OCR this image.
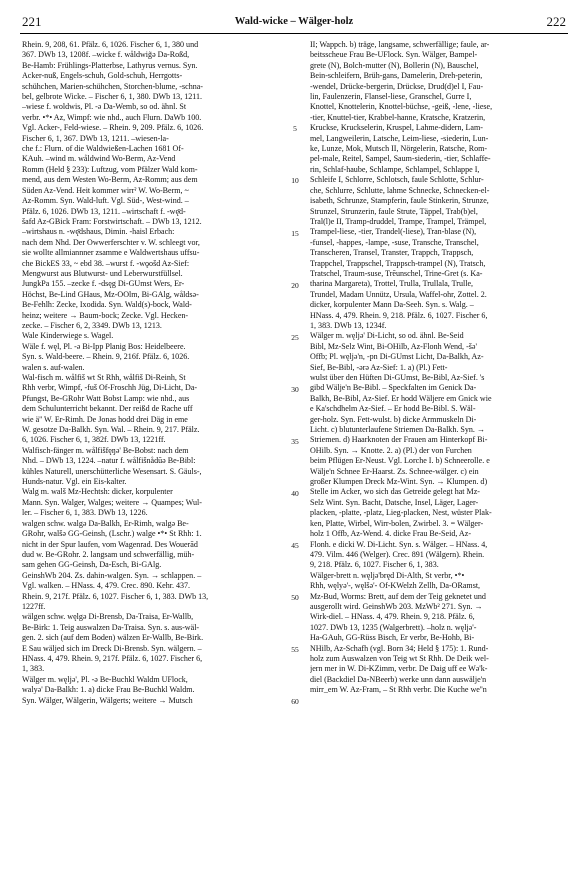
221	Wald-wicke – Wälger-holz	222
Rhein. 9, 208, 61. Pfälz. 6, 1026. Fischer 6, 1, 380 und
367. DWb 13, 1208f. –wicke f. wåldwig̃ə Da-Roßd,
Be-Hamb: Frühlings-Platterbse, Lathyrus vernus. Syn.
Acker-nuß, Engels-schuh, Gold-schuh, Herrgotts-
schühchen, Marien-schühchen, Storchen-blume, -schna-
bel, gelbrote Wicke. – Fischer 6, 1, 380. DWb 13, 1211.
–wiese f. woldwis, Pl. -ə Da-Wemb, so od. ähnl. St
verbr. •*• Az, Wimpf: wie nhd., auch Flurn. DaWb 100.
Vgl. Acker-, Feld-wiese. – Rhein. 9, 209. Pfälz. 6, 1026.
Fischer 6, 1, 367. DWb 13, 1211. –wiesen-la-
che f.: Flurn. of die Waldwießen-Lachen 1681 Of-
KAuh. –wind m. wåldwind Wo-Berm, Az-Vend
Romm (Held § 233): Luftzug, vom Pfälzer Wald kom-
mend, aus dem Westen Wo-Berm, Az-Romm; aus dem
Süden Az-Vend. Heit kommer wirrˀ W. Wo-Berm, ~
Az-Romm. Syn. Wald-luft. Vgl. Süd-, West-wind. –
Pfälz. 6, 1026. DWb 13, 1211. –wirtschaft f. -wę̄d-
šafd Az-GBick Fram: Forstwirtschaft. – DWb 13, 1212.
–wirtshaus n. -wę̄dshaus, Dimin. -haisl Erbach:
nach dem Nhd. Der Owwerferschter v. W. schleegt vor,
sie wollte allmiannner zsamme e Waldwertshaus uffsu-
che BickES 33, ~ ebd 38. –wurst f. -wǫošd Az-Sief:
Mengwurst aus Blutwurst- und Leberwurstfüllsel.
JungkPa 155. –zecke f. -dsęg Di-GUmst Wers, Er-
Höchst, Be-Lind GHaus, Mz-OOlm, Bi-GAlg, wåldsə-
Be-Fehlh: Zecke, Ixodida. Syn. Wald(s)-bock, Wald-
heinz; weitere → Baum-bock; Zecke. Vgl. Hecken-
zecke. – Fischer 6, 2, 3349. DWb 13, 1213.
Wale Kinderwiege s. Wagel.
Wäle f. węl, Pl. -ə Bi-Ipp Planig Bos: Heidelbeere.
Syn. s. Wald-beere. – Rhein. 9, 216f. Pfälz. 6, 1026.
walen s. auf-walen.
Wal-fisch m. wålfiš wt St Rhh, wålfiš Di-Reinh, St
Rhh verbr, Wimpf, -fuš Of-Froschh Jüg, Di-Licht, Da-
Pfungst, Be-GRohr Watt Bobst Lamp: wie nhd., aus
dem Schulunterricht bekannt. Der reißd de Rache uff
wie ä'' W. Er-Rimh. De Jonas hodd drei Däg in eme
W. gesotze Da-Balkh. Syn. Wal. – Rhein. 9, 217. Pfälz.
6, 1026. Fischer 6, 1, 382f. DWb 13, 1221ff.
Walfisch-fänger m. wålfišfęŋə' Be-Bobst: nach dem
Nhd. – DWb 13, 1224. –natur f. wålfišnådūə Be-Bibl:
kühles Naturell, unerschütterliche Wesensart. S. Gäuls-,
Hunds-natur. Vgl. ein Eis-kalter.
Walg m. walš Mz-Hechtsh: dicker, korpulenter
Mann. Syn. Walger, Walges; weitere → Quampes; Wul-
ler. – Fischer 6, 1, 383. DWb 13, 1226.
walgen schw. walgə Da-Balkh, Er-Rimh, walgə Be-
GRohr, walšə GG-Geinsh, (Lschr.) walge •*• St Rhh: 1.
nicht in der Spur laufen, vom Wagenrad. Des Wouerād
dud w. Be-GRohr. 2. langsam und schwerfällig, müh-
sam gehen GG-Geinsh, Da-Esch, Bi-GAlg.
GeinshWb 204. Zs. dahin-walgen. Syn. → schlappen. –
Vgl. walken. – HNass. 4, 479. Crec. 890. Kehr. 437.
Rhein. 9, 217f. Pfälz. 6, 1027. Fischer 6, 1, 383. DWb 13,
1227ff.
wälgen schw. węlgə Di-Brensb, Da-Traisa, Er-Wallb,
Be-Birk: 1. Teig auswalzen Da-Traisa. Syn. s. aus-wäl-
gen. 2. sich (auf dem Boden) wälzen Er-Wallb, Be-Birk.
E Sau wäljed sich im Dreck Di-Brensb. Syn. wälgern. –
HNass. 4, 479. Rhein. 9, 217f. Pfälz. 6, 1027. Fischer 6,
1, 383.
Wälger m. węljə', Pl. -ə Be-Buchkl Waldm UFlock,
walyə' Da-Balkh: 1. a) dicke Frau Be-Buchkl Waldm.
Syn. Wälger, Wälgerin, Wälgerts; weitere → Mutsch
5
10
15
20
25
30
35
40
45
50
55
60
II; Wappch. b) träge, langsame, schwerfällige; faule, ar-
beitsscheue Frau Be-UFlock. Syn. Wälger, Bampel-
grete (N), Bolch-mutter (N), Bollerin (N), Bauschel,
Bein-schleifern, Brüh-gans, Damelerin, Dreh-peterin,
-wendel, Drücke-bergerin, Drückse, Drud(d)el I, Fau-
lin, Faulenzerin, Flansel-liese, Granschel, Gurre I,
Knottel, Knottelerin, Knottel-büchse, -geiß, -lene, -liese,
-tier, Knuttel-tier, Krabbel-hanne, Kratsche, Kratzerin,
Kruckse, Kruckselerin, Kruspel, Lahme-didern, Lam-
mel, Langweilerin, Latsche, Leim-liese, -siederin, Lun-
ke, Lunze, Mok, Mutsch II, Nörgelerin, Ratsche, Rom-
pel-male, Reitel, Sampel, Saum-siederin, -tier, Schlaffe-
rin, Schlaf-haube, Schlampe, Schlampel, Schlappe I,
Schleife I, Schlorre, Schlotsch, faule Schlotte, Schlur-
che, Schlurre, Schlutte, lahme Schnecke, Schnecken-el-
isabeth, Schrunze, Stampferin, faule Stinkerin, Strunze,
Strunzel, Strunzerin, faule Strute, Täppel, Trab(b)el,
Tral(l)e II, Tramp-druddel, Trampe, Trampel, Trämpel,
Trampel-liese, -tier, Trandel(-liese), Tran-blase (N),
-funsel, -happes, -lampe, -suse, Transche, Transchel,
Transcheren, Transel, Transter, Trappch, Trappsch,
Trappchel, Trappschel, Trappsch-trampel (N), Tratsch,
Tratschel, Traum-suse, Trēunschel, Trine-Gret (s. Ka-
tharina Margareta), Trottel, Trulla, Trullala, Trulle,
Trundel, Madam Unnütz, Ursula, Waffel-ohr, Zottel. 2.
dicker, korpulenter Mann Da-Seeh. Syn. s. Walg. –
HNass. 4, 479. Rhein. 9, 218. Pfälz. 6, 1027. Fischer 6,
1, 383. DWb 13, 1234f.
Wälger m. węljə' Di-Licht, so od. ähnl. Be-Seid
Bibl, Mz-Selz Wint, Bi-OHilb, Az-Flonh Wend, -šə'
Offb; Pl. węljə'n, -pn Di-GUmst Licht, Da-Balkh, Az-
Sief, Be-Bibl, -ərə Az-Sief: 1. a) (Pl.) Fett-
wulst über den Hüften Di-GUmst, Be-Bibl, Az-Sief. 's
gibd Wälje'n Be-Bibl. – Speckfalten im Genick Da-
Balkh, Be-Bibl, Az-Sief. Er hodd Wäljere em Gnick wie
e Ka'schdhelm Az-Sief. – Er hodd Be-Bibl. S. Wäl-
ger-holz. Syn. Fett-wulst. b) dicke Armmuskeln Di-
Licht. c) blutunterlaufene Striemen Da-Balkh. Syn. →
Striemen. d) Haarknoten der Frauen am Hinterkopf Bi-
OHilb. Syn. → Knotte. 2. a) (Pl.) der von Furchen
beim Pflügen Er-Neust. Vgl. Lorche I. b) Schneerolle. e
Wälje'n Schnee Er-Haarst. Zs. Schnee-wälger. c) ein
großer Klumpen Dreck Mz-Wint. Syn. → Klumpen. d)
Stelle im Acker, wo sich das Getreide gelegt hat Mz-
Selz Wint. Syn. Bacht, Datsche, Insel, Läger, Lager-
placken, -platte, -platz, Lieg-placken, Nest, wüster Plak-
ken, Platte, Wirbel, Wirr-bolen, Zwirbel. 3. = Wälger-
holz 1 Offb, Az-Wend. 4. dicke Frau Be-Seid, Az-
Flonh. e dicki W. Di-Licht. Syn. s. Wälger. – HNass. 4,
479. Vilm. 446 (Welger). Crec. 891 (Wälgern). Rhein.
9, 218. Pfälz. 6, 1027. Fischer 6, 1, 383.
Wälger-brett n. węljə'bręd Di-Alth, St verbr, •*•
Rhh, węlyə'-, węlšə'- Of-KWelzh Zellh, Da-ORamst,
Mz-Bud, Worms: Brett, auf dem der Teig geknetet und
ausgerollt wird. GeinshWb 203. MzWb² 271. Syn. →
Wirk-diel. – HNass. 4, 479. Rhein. 9, 218. Pfälz. 6,
1027. DWb 13, 1235 (Walgerbrett). –holz n. węljə'-
Ha-GAuh, GG-Rüss Bisch, Er verbr, Be-Hohb, Bi-
NHilb, Az-Schafh (vgl. Born 34; Held § 175): 1. Rund-
holz zum Auswalzen von Teig wt St Rhh. De Deik wel-
jern mer in W. Di-KZimm, verbr. De Daig uff ee Wə'k-
diel (Backdiel Da-NBeerb) werke unn dann auswälje'n
mirr_em W. Az-Fram, – St Rhh verbr. Die Kuche we''n
